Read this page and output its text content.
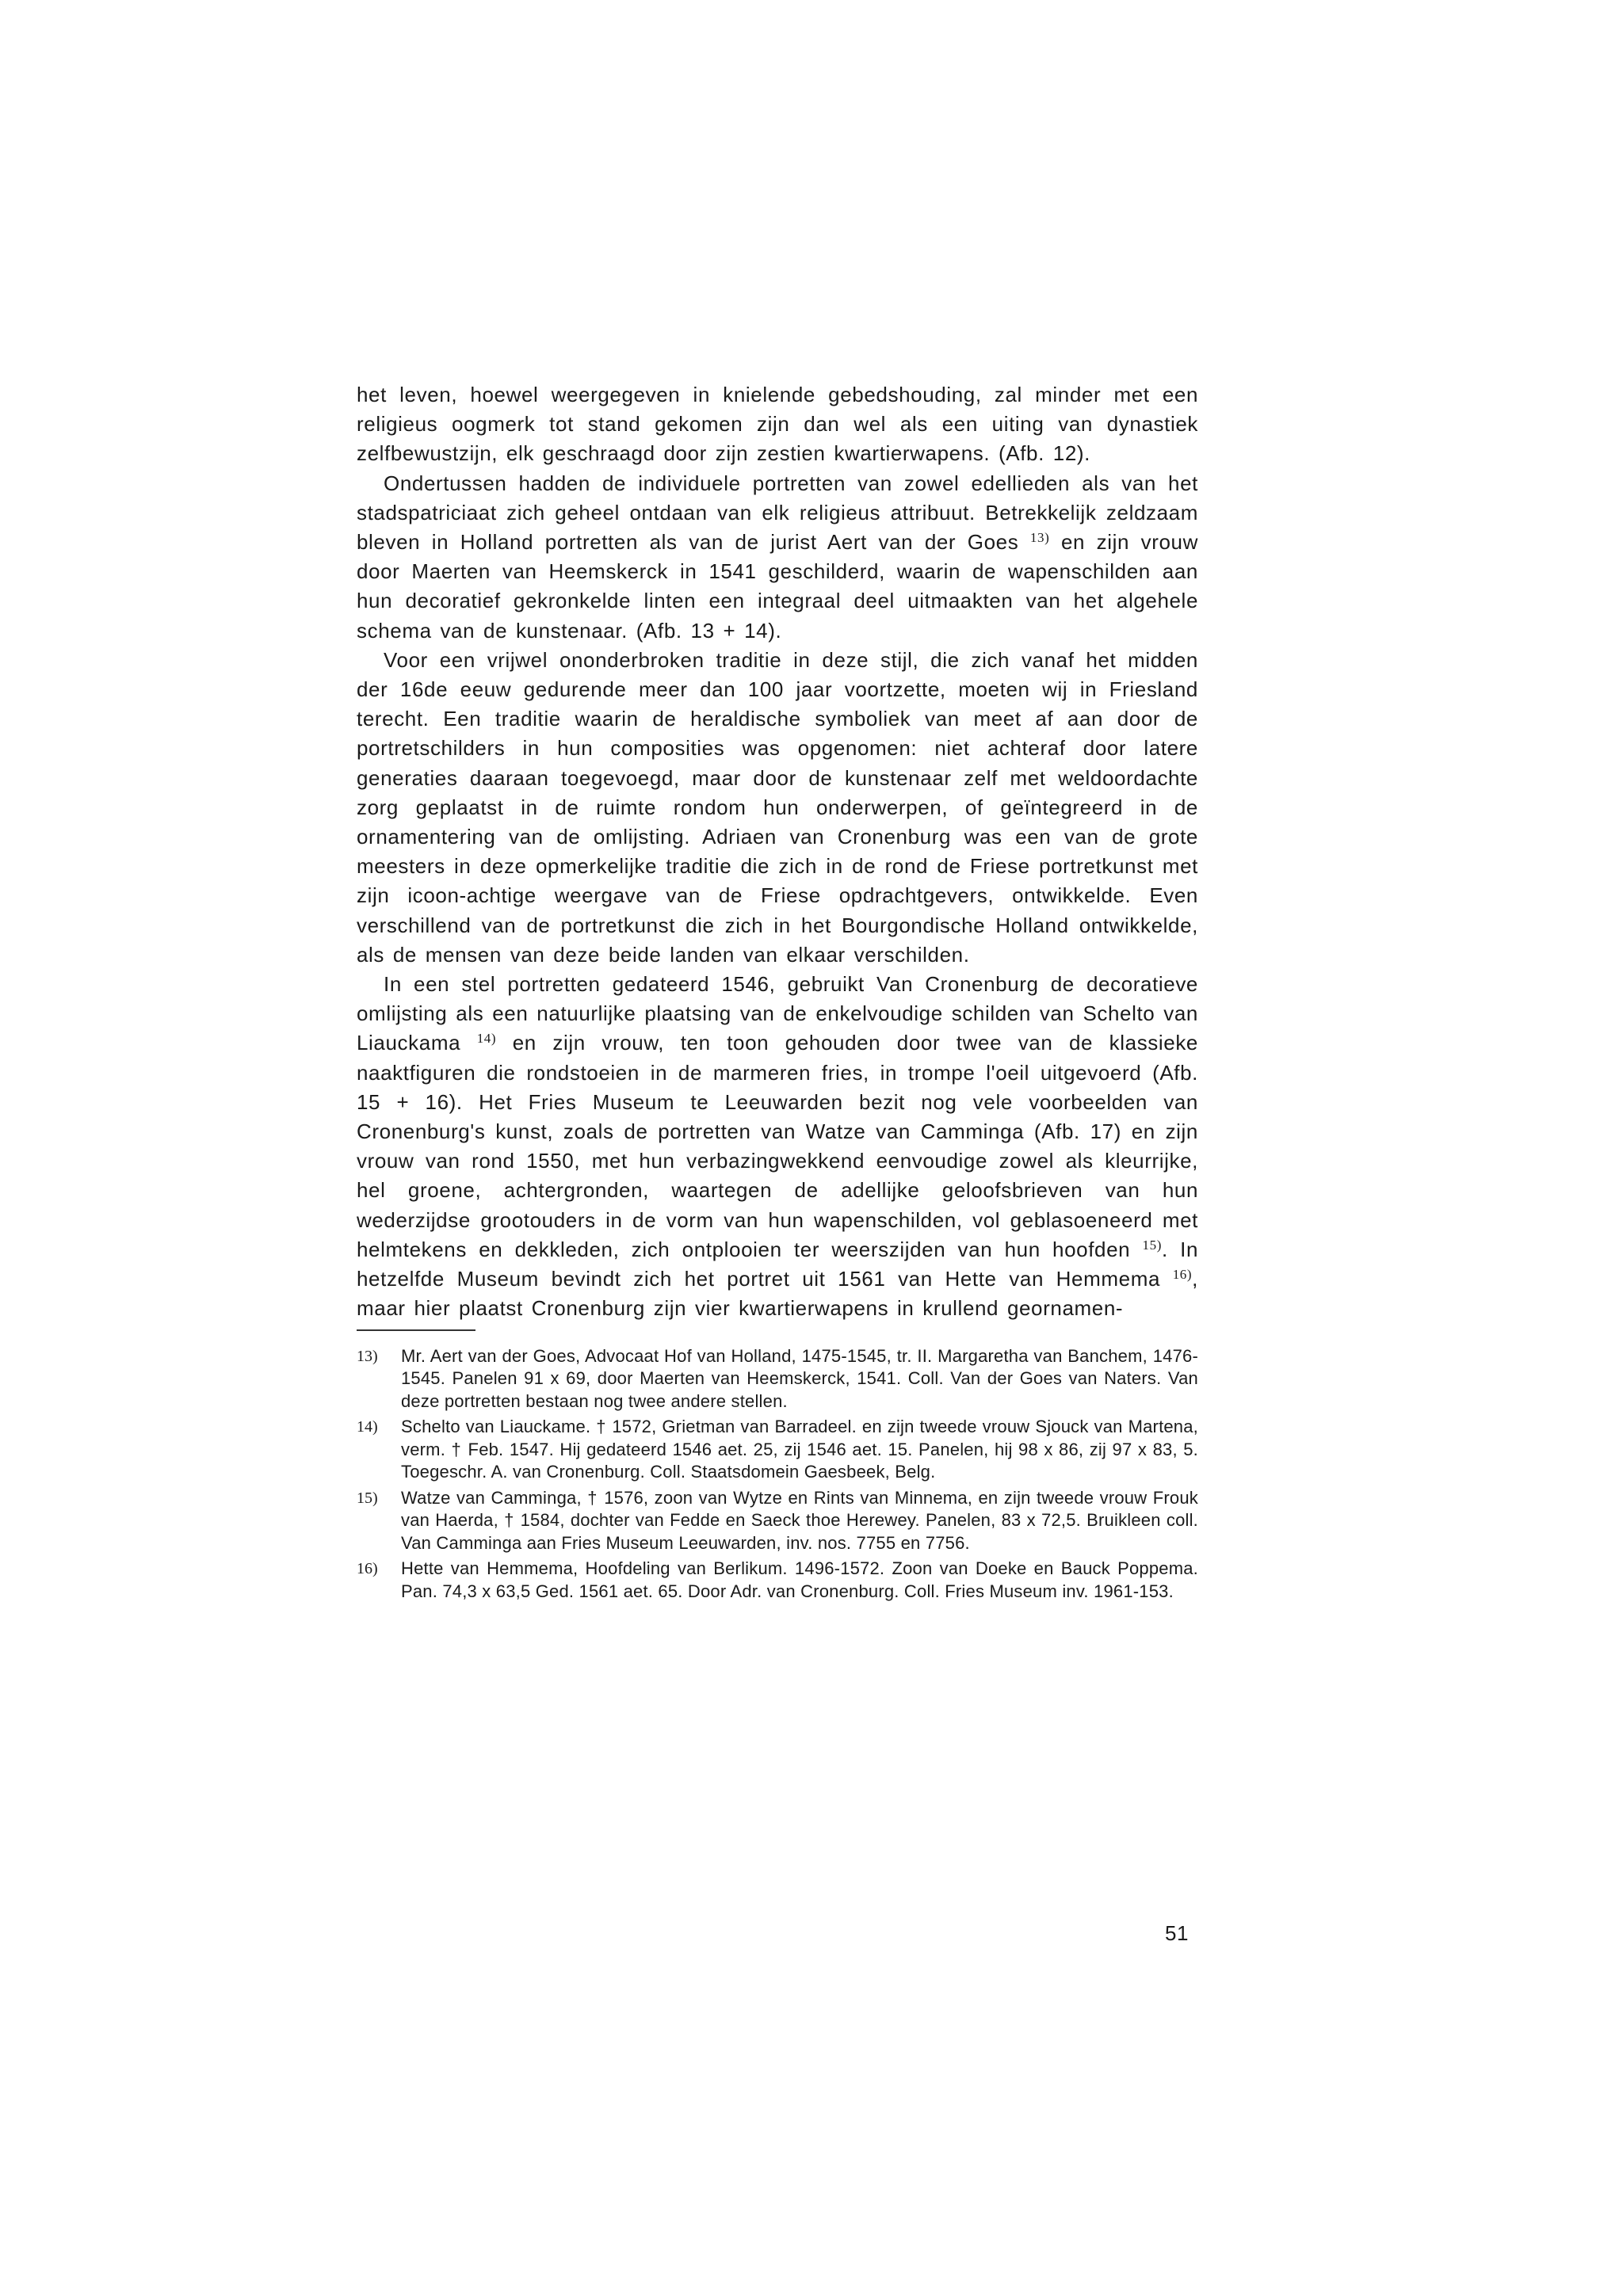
het leven, hoewel weergegeven in knielende gebedshouding, zal minder met een religieus oogmerk tot stand gekomen zijn dan wel als een uiting van dynastiek zelfbewustzijn, elk geschraagd door zijn zestien kwartierwapens. (Afb. 12).

Ondertussen hadden de individuele portretten van zowel edellieden als van het stadspatriciaat zich geheel ontdaan van elk religieus attribuut. Betrekkelijk zeldzaam bleven in Holland portretten als van de jurist Aert van der Goes $^{13)}$ en zijn vrouw door Maerten van Heemskerck in 1541 geschilderd, waarin de wapenschilden aan hun decoratief gekronkelde linten een integraal deel uitmaakten van het algehele schema van de kunstenaar. (Afb. 13 + 14).

Voor een vrijwel ononderbroken traditie in deze stijl, die zich vanaf het midden der 16de eeuw gedurende meer dan 100 jaar voortzette, moeten wij in Friesland terecht. Een traditie waarin de heraldische symboliek van meet af aan door de portretschilders in hun composities was opgenomen: niet achteraf door latere generaties daaraan toegevoegd, maar door de kunstenaar zelf met weldoordachte zorg geplaatst in de ruimte rondom hun onderwerpen, of geïntegreerd in de ornamentering van de omlijsting. Adriaen van Cronenburg was een van de grote meesters in deze opmerkelijke traditie die zich in de rond de Friese portretkunst met zijn icoon-achtige weergave van de Friese opdrachtgevers, ontwikkelde. Even verschillend van de portretkunst die zich in het Bourgondische Holland ontwikkelde, als de mensen van deze beide landen van elkaar verschilden.

In een stel portretten gedateerd 1546, gebruikt Van Cronenburg de decoratieve omlijsting als een natuurlijke plaatsing van de enkelvoudige schilden van Schelto van Liauckama $^{14)}$ en zijn vrouw, ten toon gehouden door twee van de klassieke naaktfiguren die rondstoeien in de marmeren fries, in trompe l'oeil uitgevoerd (Afb. 15 + 16). Het Fries Museum te Leeuwarden bezit nog vele voorbeelden van Cronenburg's kunst, zoals de portretten van Watze van Camminga (Afb. 17) en zijn vrouw van rond 1550, met hun verbazingwekkend eenvoudige zowel als kleurrijke, hel groene, achtergronden, waartegen de adellijke geloofsbrieven van hun wederzijdse grootouders in de vorm van hun wapenschilden, vol geblasoeneerd met helmtekens en dekkleden, zich ontplooien ter weerszijden van hun hoofden $^{15)}$. In hetzelfde Museum bevindt zich het portret uit 1561 van Hette van Hemmema $^{16)}$, maar hier plaatst Cronenburg zijn vier kwartierwapens in krullend geornamen-

13)	Mr. Aert van der Goes, Advocaat Hof van Holland, 1475-1545, tr. II. Margaretha van Banchem, 1476-1545. Panelen 91 x 69, door Maerten van Heemskerck, 1541. Coll. Van der Goes van Naters. Van deze portretten bestaan nog twee andere stellen.
14)	Schelto van Liauckame. † 1572, Grietman van Barradeel. en zijn tweede vrouw Sjouck van Martena, verm. † Feb. 1547. Hij gedateerd 1546 aet. 25, zij 1546 aet. 15. Panelen, hij 98 x 86, zij 97 x 83, 5. Toegeschr. A. van Cronenburg. Coll. Staatsdomein Gaesbeek, Belg.
15)	Watze van Camminga, † 1576, zoon van Wytze en Rints van Minnema, en zijn tweede vrouw Frouk van Haerda, † 1584, dochter van Fedde en Saeck thoe Herewey. Panelen, 83 x 72,5. Bruikleen coll. Van Camminga aan Fries Museum Leeuwarden, inv. nos. 7755 en 7756.
16)	Hette van Hemmema, Hoofdeling van Berlikum. 1496-1572. Zoon van Doeke en Bauck Poppema. Pan. 74,3 x 63,5 Ged. 1561 aet. 65. Door Adr. van Cronenburg. Coll. Fries Museum inv. 1961-153.
51
